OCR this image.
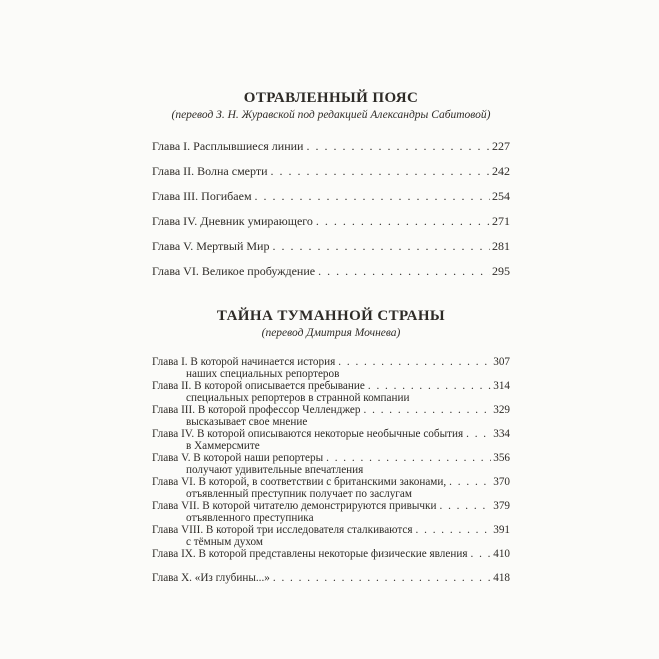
ОТРАВЛЕННЫЙ ПОЯС
(перевод З. Н. Журавской под редакцией Александры Сабитовой)
Глава I. Расплывшиеся линии . . .	227
Глава II. Волна смерти . . .	242
Глава III. Погибаем . . .	254
Глава IV. Дневник умирающего . . .	271
Глава V. Мертвый Мир . . .	281
Глава VI. Великое пробуждение . . .	295
ТАЙНА ТУМАННОЙ СТРАНЫ
(перевод Дмитрия Мочнева)
Глава I. В которой начинается история . . .	307
наших специальных репортеров
Глава II. В которой описывается пребывание . . .	314
специальных репортеров в странной компании
Глава III. В которой профессор Челленджер . . .	329
высказывает свое мнение
Глава IV. В которой описываются некоторые необычные события . . .	334
в Хаммерсмите
Глава V. В которой наши репортеры . . .	356
получают удивительные впечатления
Глава VI. В которой, в соответствии с британскими законами, . . .	370
отъявленный преступник получает по заслугам
Глава VII. В которой читателю демонстрируются привычки . . .	379
отъявленного преступника
Глава VIII. В которой три исследователя сталкиваются . . .	391
с тёмным духом
Глава IX. В которой представлены некоторые физические явления . . . 410
Глава X. «Из глубины...» . . .	418
